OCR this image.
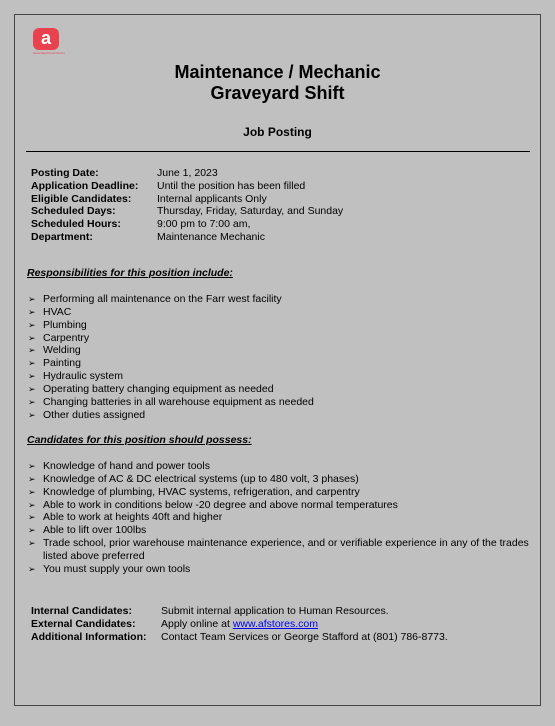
a
Associated Food Stores
Maintenance / Mechanic
Graveyard Shift
Job Posting
Posting Date:	June 1, 2023
Application Deadline:	Until the position has been filled
Eligible Candidates:	Internal applicants Only
Scheduled Days:	Thursday, Friday, Saturday, and Sunday
Scheduled Hours:	9:00 pm to 7:00 am,
Department:	Maintenance Mechanic
Responsibilities for this position include:
➢ Performing all maintenance on the Farr west facility
➢ HVAC
➢ Plumbing
➢ Carpentry
➢ Welding
➢ Painting
➢ Hydraulic system
➢ Operating battery changing equipment as needed
➢ Changing batteries in all warehouse equipment as needed
➢ Other duties assigned
Candidates for this position should possess:
➢ Knowledge of hand and power tools
➢ Knowledge of AC & DC electrical systems (up to 480 volt, 3 phases)
➢ Knowledge of plumbing, HVAC systems, refrigeration, and carpentry
➢ Able to work in conditions below -20 degree and above normal temperatures
➢ Able to work at heights 40ft and higher
➢ Able to lift over 100lbs
➢ Trade school, prior warehouse maintenance experience, and or verifiable experience in any of the trades listed above preferred
➢ You must supply your own tools
Internal Candidates:	Submit internal application to Human Resources.
External Candidates:	Apply online at www.afstores.com
Additional Information:	Contact Team Services or George Stafford at (801) 786-8773.
